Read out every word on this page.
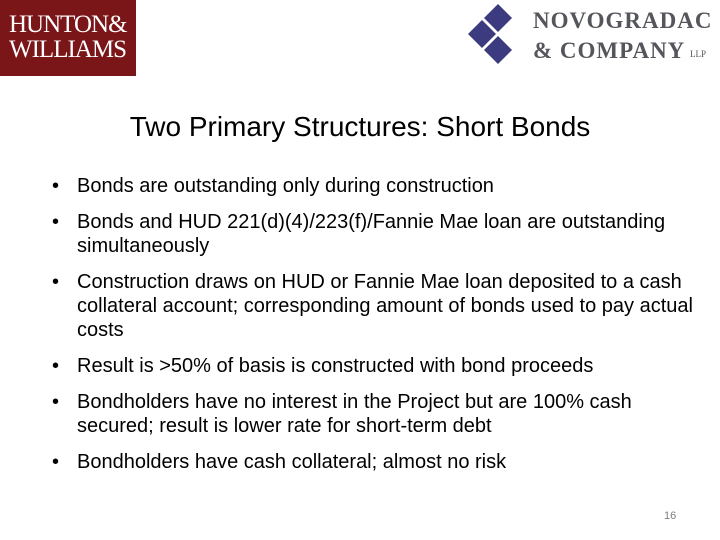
HUNTON&
WILLIAMS
NOVOGRADAC
& COMPANY LLP
Two Primary Structures: Short Bonds
• Bonds are outstanding only during construction
• Bonds and HUD 221(d)(4)/223(f)/Fannie Mae loan are outstanding simultaneously
• Construction draws on HUD or Fannie Mae loan deposited to a cash collateral account; corresponding amount of bonds used to pay actual costs
• Result is >50% of basis is constructed with bond proceeds
• Bondholders have no interest in the Project but are 100% cash secured; result is lower rate for short-term debt
• Bondholders have cash collateral; almost no risk
16
